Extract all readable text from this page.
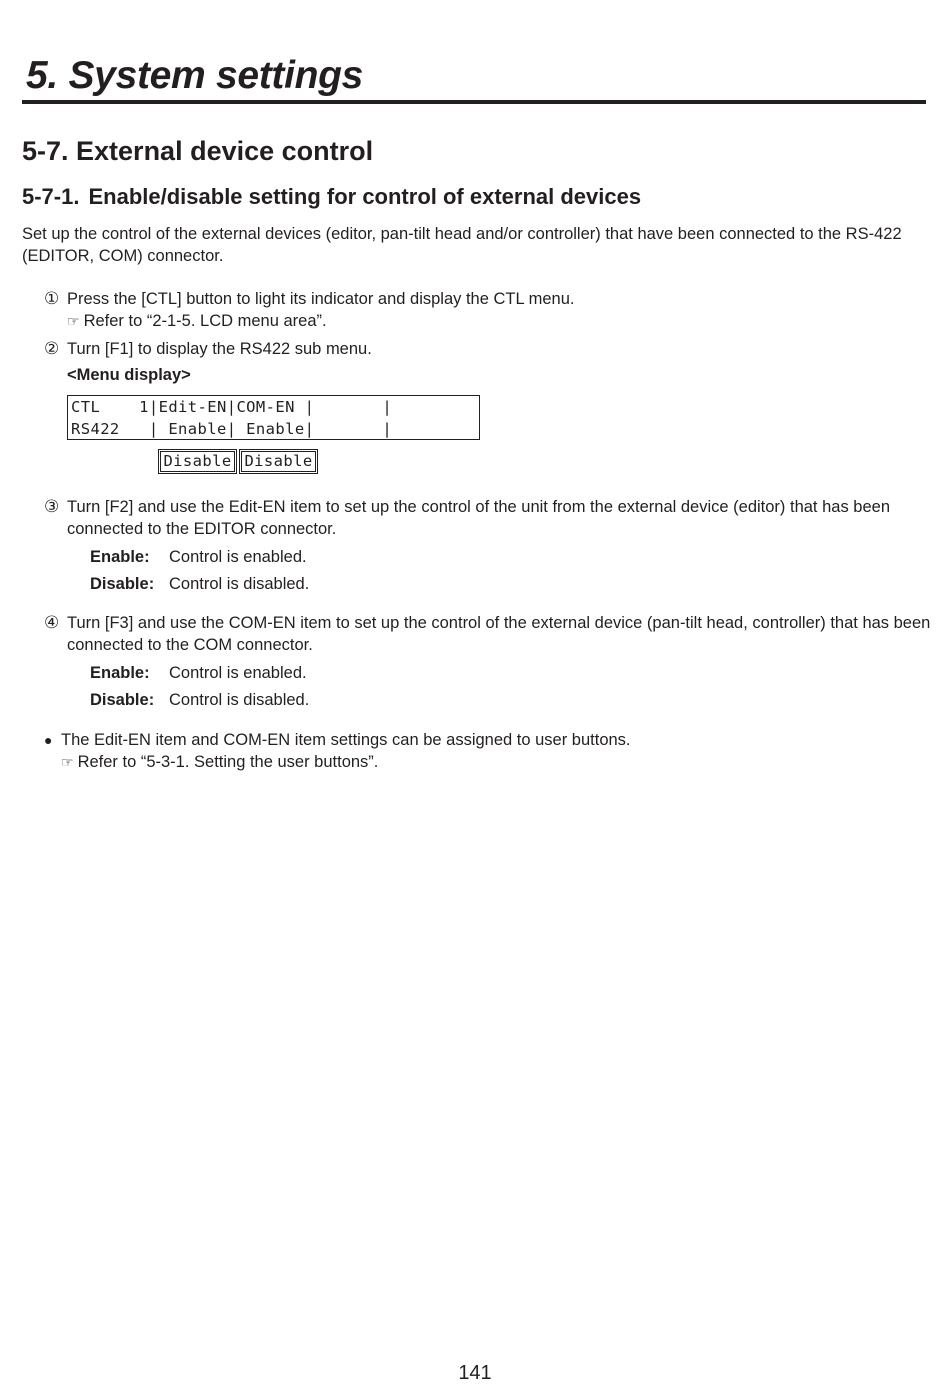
5. System settings
5-7. External device control
5-7-1. Enable/disable setting for control of external devices

Set up the control of the external devices (editor, pan-tilt head and/or controller) that have been connected to the RS-422 (EDITOR, COM) connector.

① Press the [CTL] button to light its indicator and display the CTL menu.
☞ Refer to “2-1-5. LCD menu area”.
② Turn [F1] to display the RS422 sub menu.
<Menu display>
CTL    1|Edit-EN|COM-EN |       |
RS422   | Enable| Enable|       |
Disable Disable
③ Turn [F2] and use the Edit-EN item to set up the control of the unit from the external device (editor) that has been connected to the EDITOR connector.
Enable: Control is enabled.
Disable: Control is disabled.
④ Turn [F3] and use the COM-EN item to set up the control of the external device (pan-tilt head, controller) that has been connected to the COM connector.
Enable: Control is enabled.
Disable: Control is disabled.
● The Edit-EN item and COM-EN item settings can be assigned to user buttons.
☞ Refer to “5-3-1. Setting the user buttons”.
141
